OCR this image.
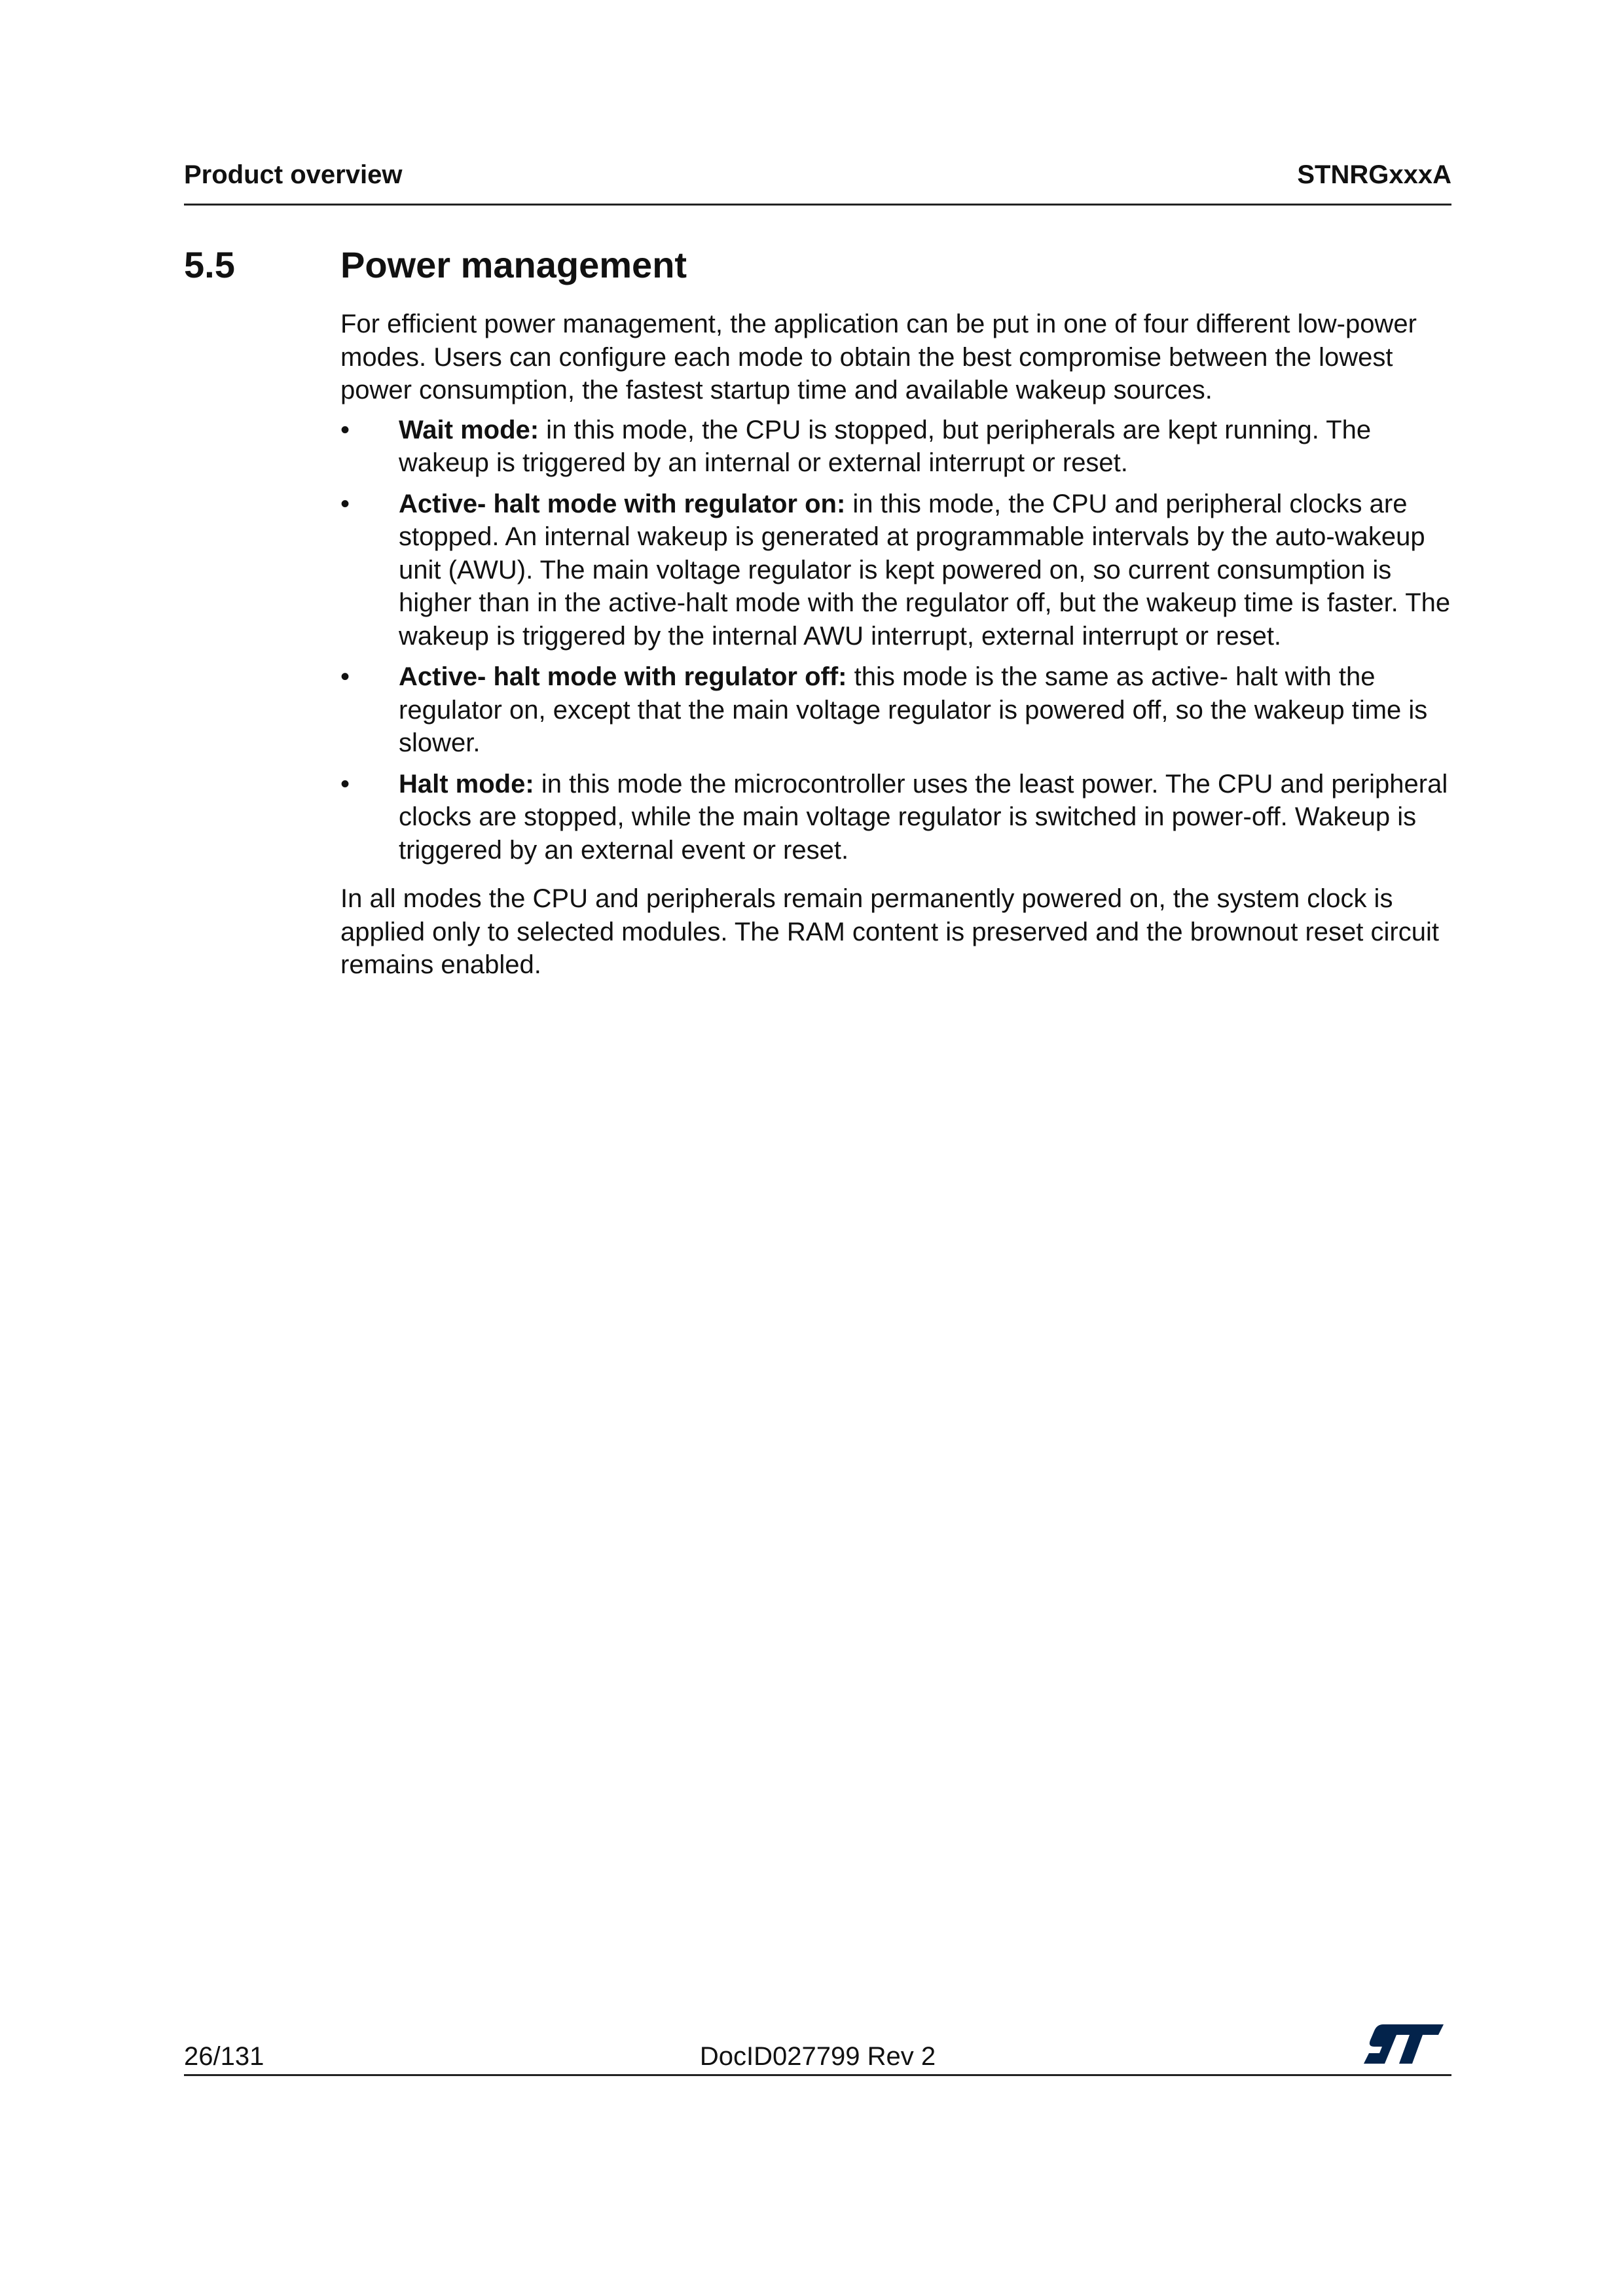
Product overview	STNRGxxxA
5.5	Power management

For efficient power management, the application can be put in one of four different low-power modes. Users can configure each mode to obtain the best compromise between the lowest power consumption, the fastest startup time and available wakeup sources.

• Wait mode: in this mode, the CPU is stopped, but peripherals are kept running. The wakeup is triggered by an internal or external interrupt or reset.
• Active- halt mode with regulator on: in this mode, the CPU and peripheral clocks are stopped. An internal wakeup is generated at programmable intervals by the auto-wakeup unit (AWU). The main voltage regulator is kept powered on, so current consumption is higher than in the active-halt mode with the regulator off, but the wakeup time is faster. The wakeup is triggered by the internal AWU interrupt, external interrupt or reset.
• Active- halt mode with regulator off: this mode is the same as active- halt with the regulator on, except that the main voltage regulator is powered off, so the wakeup time is slower.
• Halt mode: in this mode the microcontroller uses the least power. The CPU and peripheral clocks are stopped, while the main voltage regulator is switched in power-off. Wakeup is triggered by an external event or reset.

In all modes the CPU and peripherals remain permanently powered on, the system clock is applied only to selected modules. The RAM content is preserved and the brownout reset circuit remains enabled.

26/131	DocID027799 Rev 2
